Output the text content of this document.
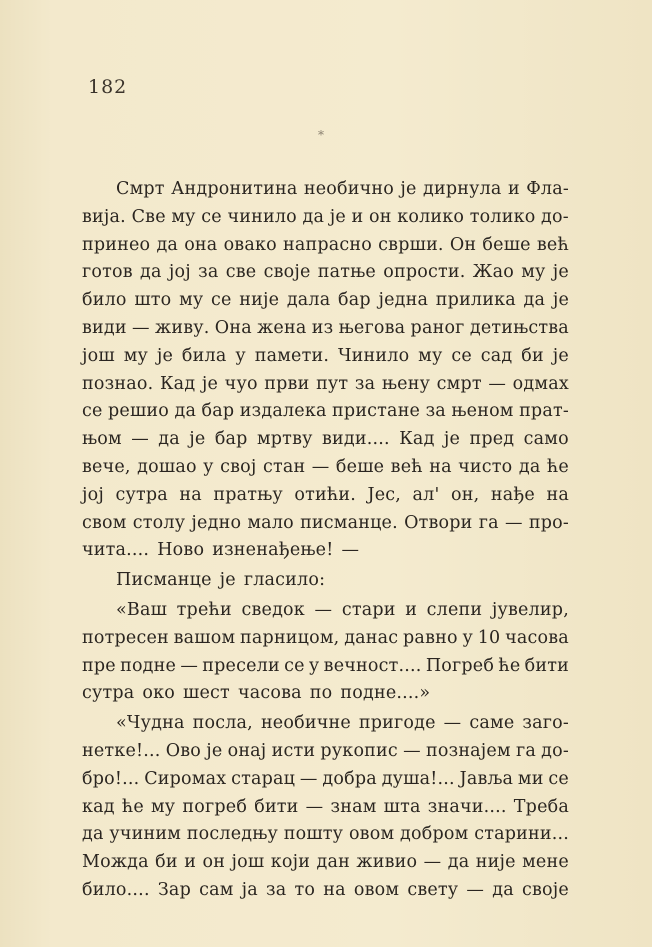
182
*
Смрт Андронитина необично је дирнула и Фла-
вија. Све му се чинило да је и он колико толико до-
принео да она овако напрасно сврши. Он беше већ
готов да јој за све своје патње опрости. Жао му је
било што му се није дала бар једна прилика да је
види — живу. Она жена из његова раног детињства
још му је била у памети. Чинило му се сад би је
познао. Кад је чуо први пут за њену смрт — одмах
се решио да бар издалека пристане за њеном прат-
њом — да је бар мртву види.... Кад је пред само
вече, дошао у свој стан — беше већ на чисто да ће
јој сутра на пратњу отићи. Јес, ал' он, нађе на
свом столу једно мало писманце. Отвори га — про-
чита.... Ново изненађење! —
Писманце је гласило:
«Ваш трећи сведок — стари и слепи јувелир,
потресен вашом парницом, данас равно у 10 часова
пре подне — пресели се у вечност.... Погреб ће бити
сутра око шест часова по подне....»
«Чудна посла, необичне пригоде — саме заго-
нетке!... Ово је онај исти рукопис — познајем га до-
бро!... Сиромах старац — добра душа!... Јавља ми се
кад ће му погреб бити — знам шта значи.... Треба
да учиним последњу пошту овом добром старини...
Можда би и он још који дан живио — да није мене
било.... Зар сам ја за то на овом свету — да своје
